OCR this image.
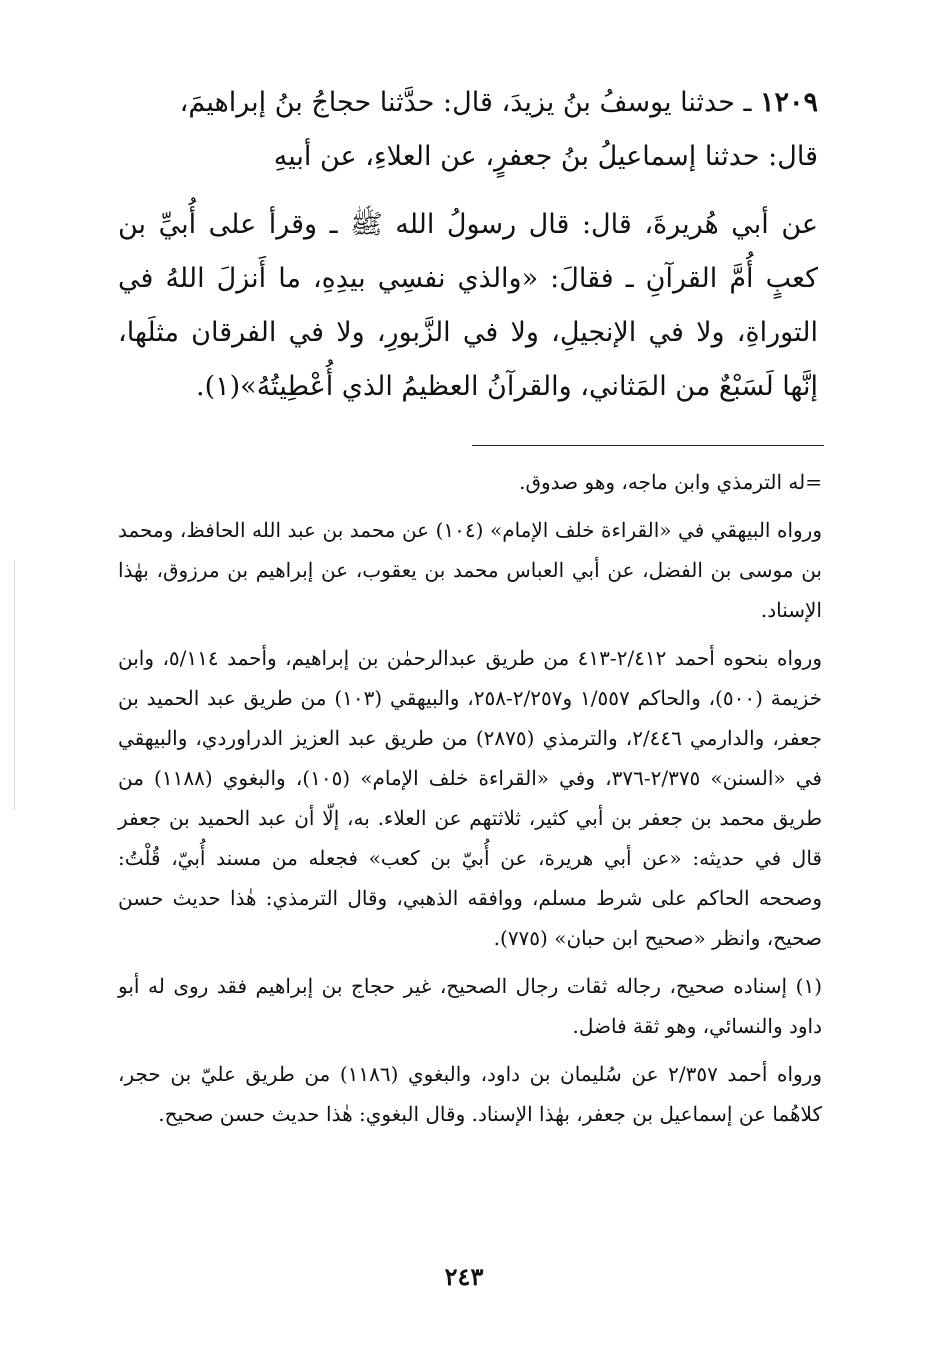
١٢٠٩ ـ حدثنا يوسفُ بنُ يزيدَ، قال: حدَّثنا حجاجُ بنُ إبراهيمَ،

قال: حدثنا إسماعيلُ بنُ جعفرٍ، عن العلاءِ، عن أبيهِ

عن أبي هُريرةَ، قال: قال رسولُ الله ﷺ ـ وقرأ على أُبيِّ بن كعبٍ أُمَّ القرآنِ ـ فقالَ: «والذي نفسِي بيدِهِ، ما أَنزلَ اللهُ في التوراةِ، ولا في الإنجيلِ، ولا في الزَّبورِ، ولا في الفرقان مثلَها، إنَّها لَسَبْعٌ من المَثاني، والقرآنُ العظيمُ الذي أُعْطِيتُهُ»(١).

=له الترمذي وابن ماجه، وهو صدوق.

ورواه البيهقي في «القراءة خلف الإمام» (١٠٤) عن محمد بن عبد الله الحافظ، ومحمد بن موسى بن الفضل، عن أبي العباس محمد بن يعقوب، عن إبراهيم بن مرزوق، بهٰذا الإسناد.

ورواه بنحوه أحمد ٢/٤١٢-٤١٣ من طريق عبدالرحمٰن بن إبراهيم، وأحمد ٥/١١٤، وابن خزيمة (٥٠٠)، والحاكم ١/٥٥٧ و٢/٢٥٧-٢٥٨، والبيهقي (١٠٣) من طريق عبد الحميد بن جعفر، والدارمي ٢/٤٤٦، والترمذي (٢٨٧٥) من طريق عبد العزيز الدراوردي، والبيهقي في «السنن» ٢/٣٧٥-٣٧٦، وفي «القراءة خلف الإمام» (١٠٥)، والبغوي (١١٨٨) من طريق محمد بن جعفر بن أبي كثير، ثلاثتهم عن العلاء. به، إلّا أن عبد الحميد بن جعفر قال في حديثه: «عن أبي هريرة، عن أُبيّ بن كعب» فجعله من مسند أُبيّ، قُلْتُ: وصححه الحاكم على شرط مسلم، ووافقه الذهبي، وقال الترمذي: هٰذا حديث حسن صحيح، وانظر «صحيح ابن حبان» (٧٧٥).

(١) إسناده صحيح، رجاله ثقات رجال الصحيح، غير حجاج بن إبراهيم فقد روى له أبو داود والنسائي، وهو ثقة فاضل.

ورواه أحمد ٢/٣٥٧ عن سُليمان بن داود، والبغوي (١١٨٦) من طريق عليّ بن حجر، كلاهُما عن إسماعيل بن جعفر، بهٰذا الإسناد. وقال البغوي: هٰذا حديث حسن صحيح.

٢٤٣
